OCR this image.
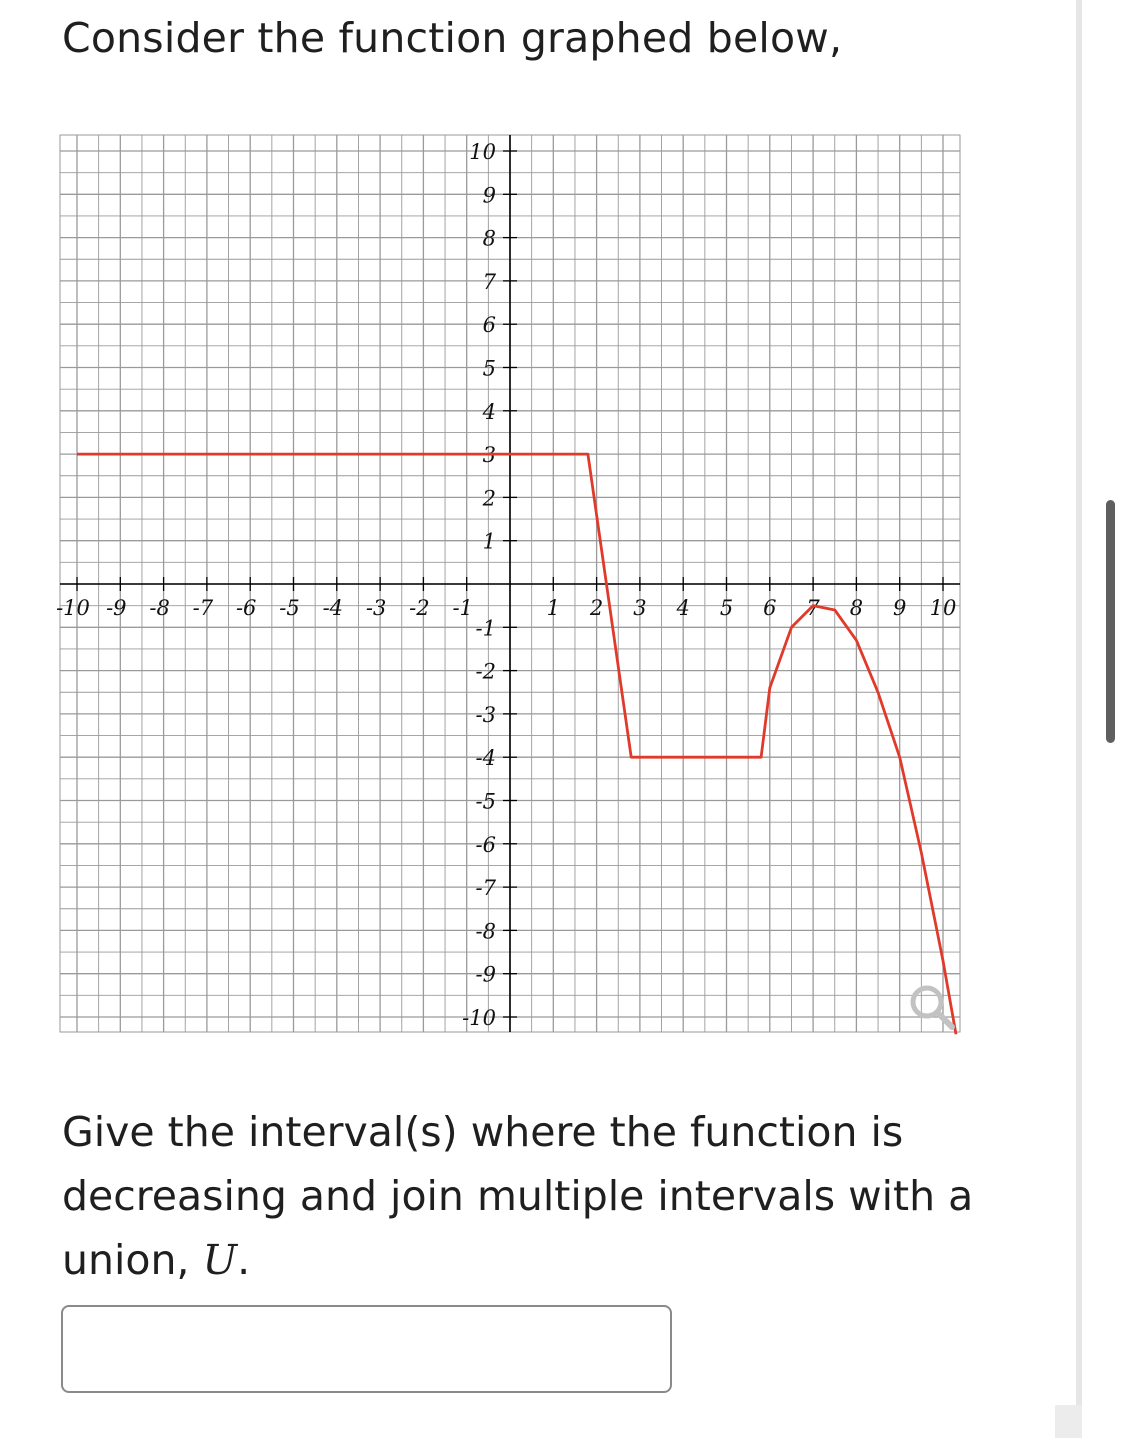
Consider the function graphed below,
-10 -9 -8 -7 -6 -5 -4 -3 -2 -1	1 2 3 4 5 6 7 8 9 10
10
9
8
7
6
5
4
3
2
1
-1
-2
-3
-4
-5
-6
-7
-8
-9
-10

Give the interval(s) where the function is decreasing and join multiple intervals with a union, U.
